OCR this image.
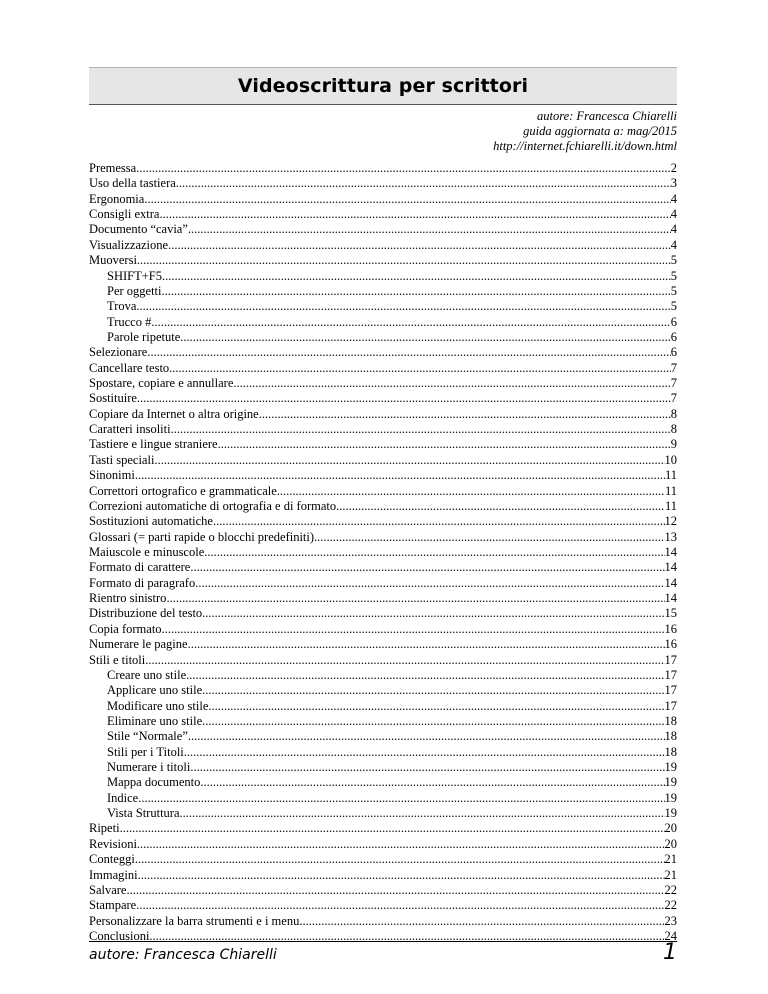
Videoscrittura per scrittori
autore: Francesca Chiarelli
guida aggiornata a: mag/2015
http://internet.fchiarelli.it/down.html
Premessa .....	2
Uso della tastiera .....	3
Ergonomia .....	4
Consigli extra .....	4
Documento “cavia” .....	4
Visualizzazione .....	4
Muoversi .....	5
SHIFT+F5 .....	5
Per oggetti .....	5
Trova .....	5
Trucco # .....	6
Parole ripetute .....	6
Selezionare .....	6
Cancellare testo .....	7
Spostare, copiare e annullare .....	7
Sostituire .....	7
Copiare da Internet o altra origine .....	8
Caratteri insoliti .....	8
Tastiere e lingue straniere .....	9
Tasti speciali .....	10
Sinonimi .....	11
Correttori ortografico e grammaticale .....	11
Correzioni automatiche di ortografia e di formato .....	11
Sostituzioni automatiche .....	12
Glossari (= parti rapide o blocchi predefiniti) .....	13
Maiuscole e minuscole .....	14
Formato di carattere .....	14
Formato di paragrafo .....	14
Rientro sinistro .....	14
Distribuzione del testo .....	15
Copia formato .....	16
Numerare le pagine .....	16
Stili e titoli .....	17
Creare uno stile .....	17
Applicare uno stile .....	17
Modificare uno stile .....	17
Eliminare uno stile .....	18
Stile “Normale” .....	18
Stili per i Titoli .....	18
Numerare i titoli .....	19
Mappa documento .....	19
Indice .....	19
Vista Struttura .....	19
Ripeti .....	20
Revisioni .....	20
Conteggi .....	21
Immagini .....	21
Salvare .....	22
Stampare .....	22
Personalizzare la barra strumenti e i menu .....	23
Conclusioni .....	24
autore: Francesca Chiarelli	1
